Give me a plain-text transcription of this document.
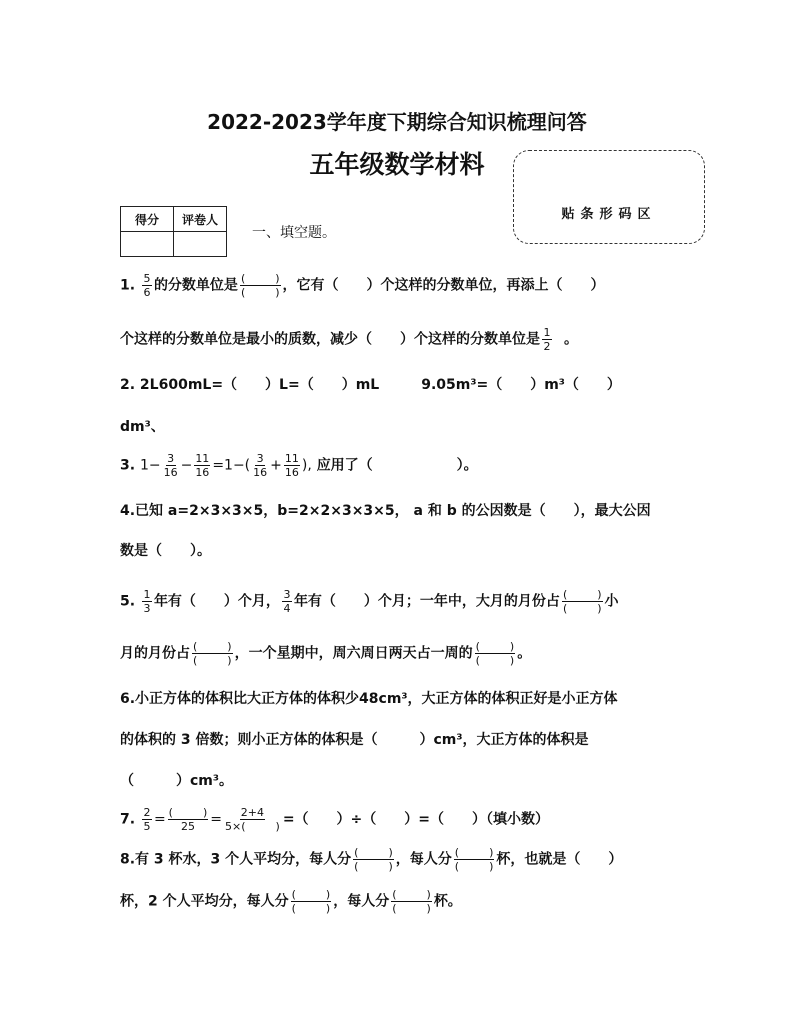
2022-2023学年度下期综合知识梳理问答
五年级数学材料
贴条形码区
得分	评卷人

一、填空题。
1. $\frac{5}{6}$ 的分数单位是 (	)
(	) ，它有（　　）个这样的分数单位，再添上（　　）
个这样的分数单位是最小的质数，减少（　　）个这样的分数单位是 $\frac{1}{2}$ 。
2. 2L600mL=（　　）L=（　　）mL　　　9.05m³=（　　）m³（　　）
dm³、
3. $1- \frac{3}{16} - \frac{11}{16} =1-( \frac{3}{16} + \frac{11}{16}$ ), 应用了（　　　　　　）。
4.已知 a=2×3×3×5，b=2×2×3×3×5， a 和 b 的公因数是（　　），最大公因
数是（　　）。
5. $\frac{1}{3}$ 年有（　　）个月， $\frac{3}{4}$ 年有（　　）个月；一年中，大月的月份占 (	)
(	) 小
月的月份占 (	)
(	) ，一个星期中，周六周日两天占一周的 (	)
(	) 。
6.小正方体的体积比大正方体的体积少48cm³，大正方体的体积正好是小正方体
的体积的 3 倍数；则小正方体的体积是（　　　）cm³，大正方体的体积是
（　　　）cm³。
7. $\frac{2}{5}$ = (	)
25 = 2+4
5×(	) =（　　）÷（　　）=（　　）（填小数）
8.有 3 杯水，3 个人平均分，每人分 (	)
(	) ，每人分 (	)
(	) 杯，也就是（　　）
杯，2 个人平均分，每人分 (	)
(	) ，每人分 (	)
(	) 杯。
